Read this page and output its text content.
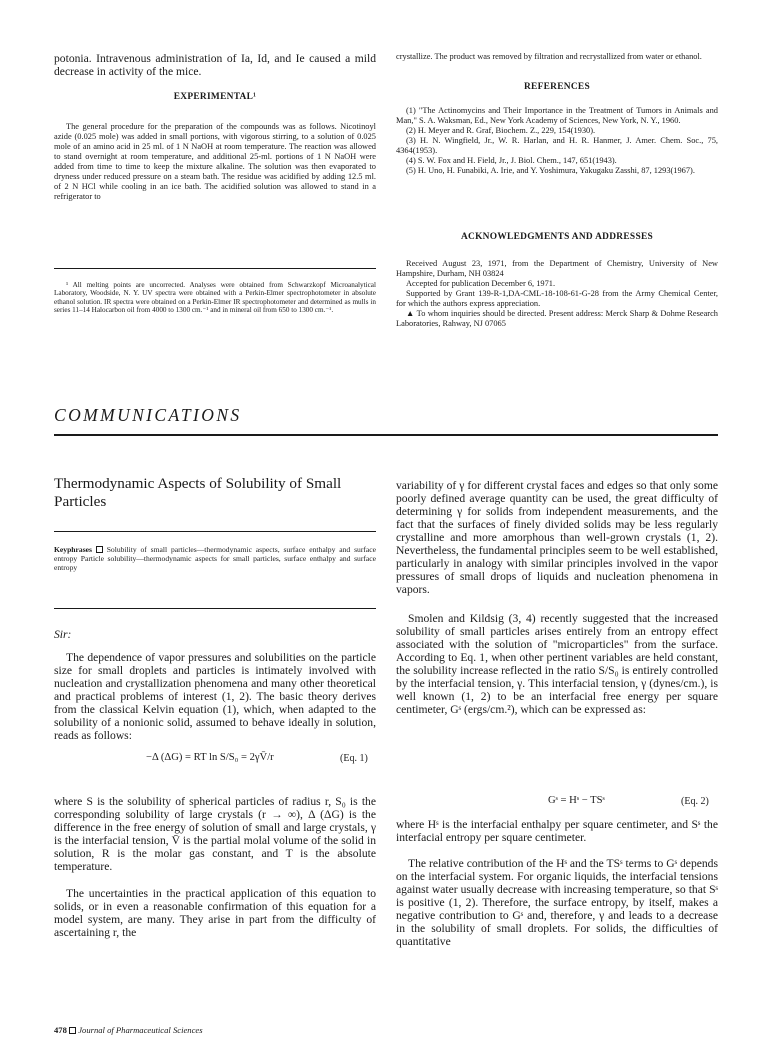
potonia. Intravenous administration of Ia, Id, and Ie caused a mild decrease in activity of the mice.
EXPERIMENTAL¹
The general procedure for the preparation of the compounds was as follows. Nicotinoyl azide (0.025 mole) was added in small portions, with vigorous stirring, to a solution of 0.025 mole of an amino acid in 25 ml. of 1 N NaOH at room temperature. The reaction was allowed to stand overnight at room temperature, and additional 25-ml. portions of 1 N NaOH were added from time to time to keep the mixture alkaline. The solution was then evaporated to dryness under reduced pressure on a steam bath. The residue was acidified by adding 12.5 ml. of 2 N HCl while cooling in an ice bath. The acidified solution was allowed to stand in a refrigerator to
¹ All melting points are uncorrected. Analyses were obtained from Schwarzkopf Microanalytical Laboratory, Woodside, N. Y. UV spectra were obtained with a Perkin-Elmer spectrophotometer in absolute ethanol solution. IR spectra were obtained on a Perkin-Elmer IR spectrophotometer and determined as mulls in series 11–14 Halocarbon oil from 4000 to 1300 cm.⁻¹ and in mineral oil from 650 to 1300 cm.⁻¹.
crystallize. The product was removed by filtration and recrystallized from water or ethanol.
REFERENCES
(1) "The Actinomycins and Their Importance in the Treatment of Tumors in Animals and Man," S. A. Waksman, Ed., New York Academy of Sciences, New York, N. Y., 1960.
(2) H. Meyer and R. Graf, Biochem. Z., 229, 154(1930).
(3) H. N. Wingfield, Jr., W. R. Harlan, and H. R. Hanmer, J. Amer. Chem. Soc., 75, 4364(1953).
(4) S. W. Fox and H. Field, Jr., J. Biol. Chem., 147, 651(1943).
(5) H. Uno, H. Funabiki, A. Irie, and Y. Yoshimura, Yakugaku Zasshi, 87, 1293(1967).
ACKNOWLEDGMENTS AND ADDRESSES
Received August 23, 1971, from the Department of Chemistry, University of New Hampshire, Durham, NH 03824
Accepted for publication December 6, 1971.
Supported by Grant 139-R-1,DA-CML-18-108-61-G-28 from the Army Chemical Center, for which the authors express appreciation.
▲ To whom inquiries should be directed. Present address: Merck Sharp & Dohme Research Laboratories, Rahway, NJ 07065
COMMUNICATIONS
Thermodynamic Aspects of Solubility of Small Particles
Keyphrases Solubility of small particles—thermodynamic aspects, surface enthalpy and surface entropy Particle solubility—thermodynamic aspects for small particles, surface enthalpy and surface entropy
Sir:
The dependence of vapor pressures and solubilities on the particle size for small droplets and particles is intimately involved with nucleation and crystallization phenomena and many other theoretical and practical problems of interest (1, 2). The basic theory derives from the classical Kelvin equation (1), which, when adapted to the solubility of a nonionic solid, assumed to behave ideally in solution, reads as follows:
−Δ (ΔG) = RT ln S/S₀ = 2γV̄/r	(Eq. 1)
where S is the solubility of spherical particles of radius r, S₀ is the corresponding solubility of large crystals (r → ∞), Δ (ΔG) is the difference in the free energy of solution of small and large crystals, γ is the interfacial tension, V̄ is the partial molal volume of the solid in solution, R is the molar gas constant, and T is the absolute temperature.
The uncertainties in the practical application of this equation to solids, or in even a reasonable confirmation of this equation for a model system, are many. They arise in part from the difficulty of ascertaining r, the
variability of γ for different crystal faces and edges so that only some poorly defined average quantity can be used, the great difficulty of determining γ for solids from independent measurements, and the fact that the surfaces of finely divided solids may be less regularly crystalline and more amorphous than well-grown crystals (1, 2). Nevertheless, the fundamental principles seem to be well established, particularly in analogy with similar principles involved in the vapor pressures of small drops of liquids and nucleation phenomena in vapors.
Smolen and Kildsig (3, 4) recently suggested that the increased solubility of small particles arises entirely from an entropy effect associated with the solution of "microparticles" from the surface. According to Eq. 1, when other pertinent variables are held constant, the solubility increase reflected in the ratio S/S₀ is entirely controlled by the interfacial tension, γ. This interfacial tension, γ (dynes/cm.), is well known (1, 2) to be an interfacial free energy per square centimeter, Gˢ (ergs/cm.²), which can be expressed as:
Gˢ = Hˢ − TSˢ	(Eq. 2)
where Hˢ is the interfacial enthalpy per square centimeter, and Sˢ the interfacial entropy per square centimeter.
The relative contribution of the Hˢ and the TSˢ terms to Gˢ depends on the interfacial system. For organic liquids, the interfacial tensions against water usually decrease with increasing temperature, so that Sˢ is positive (1, 2). Therefore, the surface entropy, by itself, makes a negative contribution to Gˢ and, therefore, γ and leads to a decrease in the solubility of small droplets. For solids, the difficulties of quantitative
478 Journal of Pharmaceutical Sciences
